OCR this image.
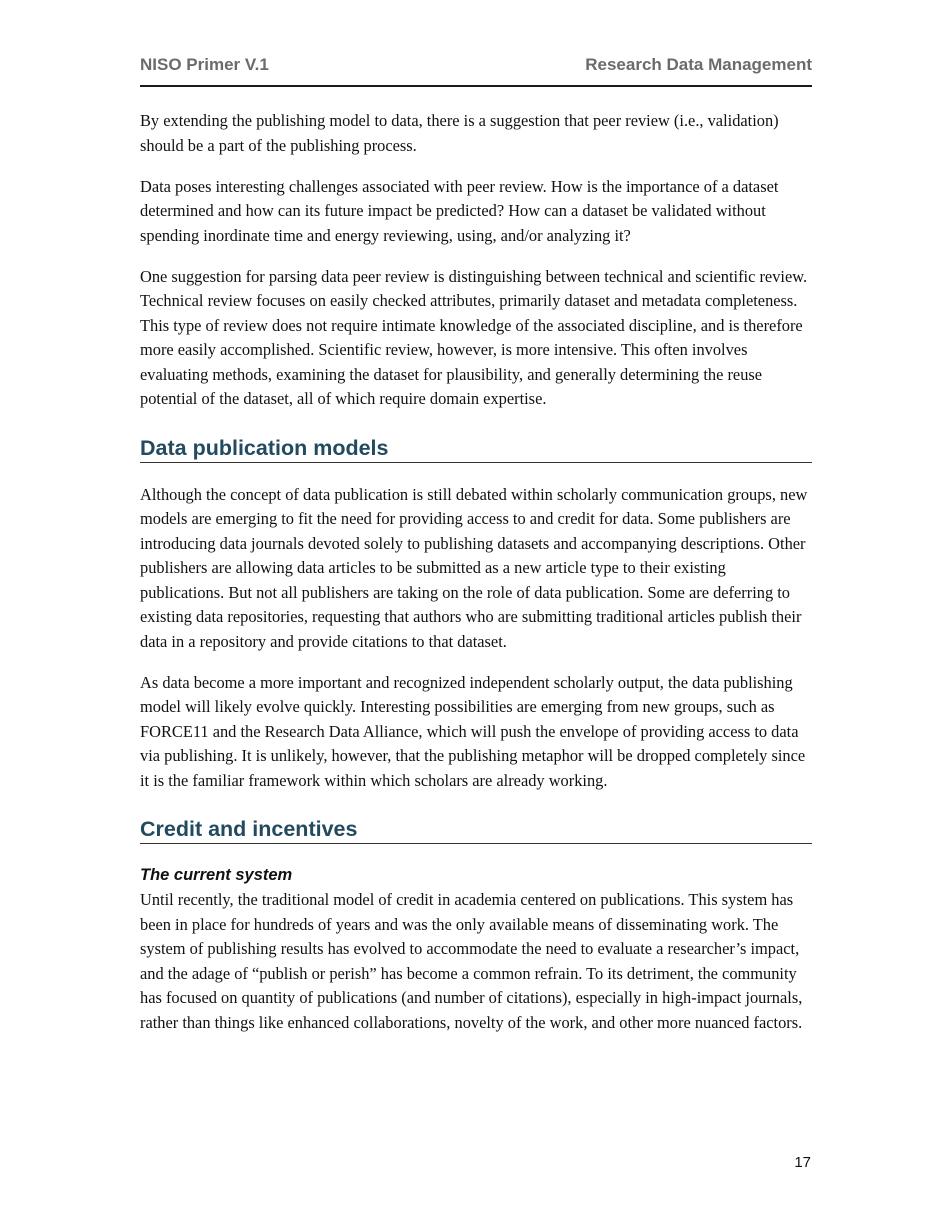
NISO Primer V.1	Research Data Management

By extending the publishing model to data, there is a suggestion that peer review (i.e., validation) should be a part of the publishing process.

Data poses interesting challenges associated with peer review. How is the importance of a dataset determined and how can its future impact be predicted? How can a dataset be validated without spending inordinate time and energy reviewing, using, and/or analyzing it?

One suggestion for parsing data peer review is distinguishing between technical and scientific review. Technical review focuses on easily checked attributes, primarily dataset and metadata completeness. This type of review does not require intimate knowledge of the associated discipline, and is therefore more easily accomplished. Scientific review, however, is more intensive. This often involves evaluating methods, examining the dataset for plausibility, and generally determining the reuse potential of the dataset, all of which require domain expertise.

Data publication models

Although the concept of data publication is still debated within scholarly communication groups, new models are emerging to fit the need for providing access to and credit for data. Some publishers are introducing data journals devoted solely to publishing datasets and accompanying descriptions. Other publishers are allowing data articles to be submitted as a new article type to their existing publications. But not all publishers are taking on the role of data publication. Some are deferring to existing data repositories, requesting that authors who are submitting traditional articles publish their data in a repository and provide citations to that dataset.

As data become a more important and recognized independent scholarly output, the data publishing model will likely evolve quickly. Interesting possibilities are emerging from new groups, such as FORCE11 and the Research Data Alliance, which will push the envelope of providing access to data via publishing. It is unlikely, however, that the publishing metaphor will be dropped completely since it is the familiar framework within which scholars are already working.

Credit and incentives
The current system

Until recently, the traditional model of credit in academia centered on publications. This system has been in place for hundreds of years and was the only available means of disseminating work. The system of publishing results has evolved to accommodate the need to evaluate a researcher’s impact, and the adage of “publish or perish” has become a common refrain. To its detriment, the community has focused on quantity of publications (and number of citations), especially in high-impact journals, rather than things like enhanced collaborations, novelty of the work, and other more nuanced factors.

17
